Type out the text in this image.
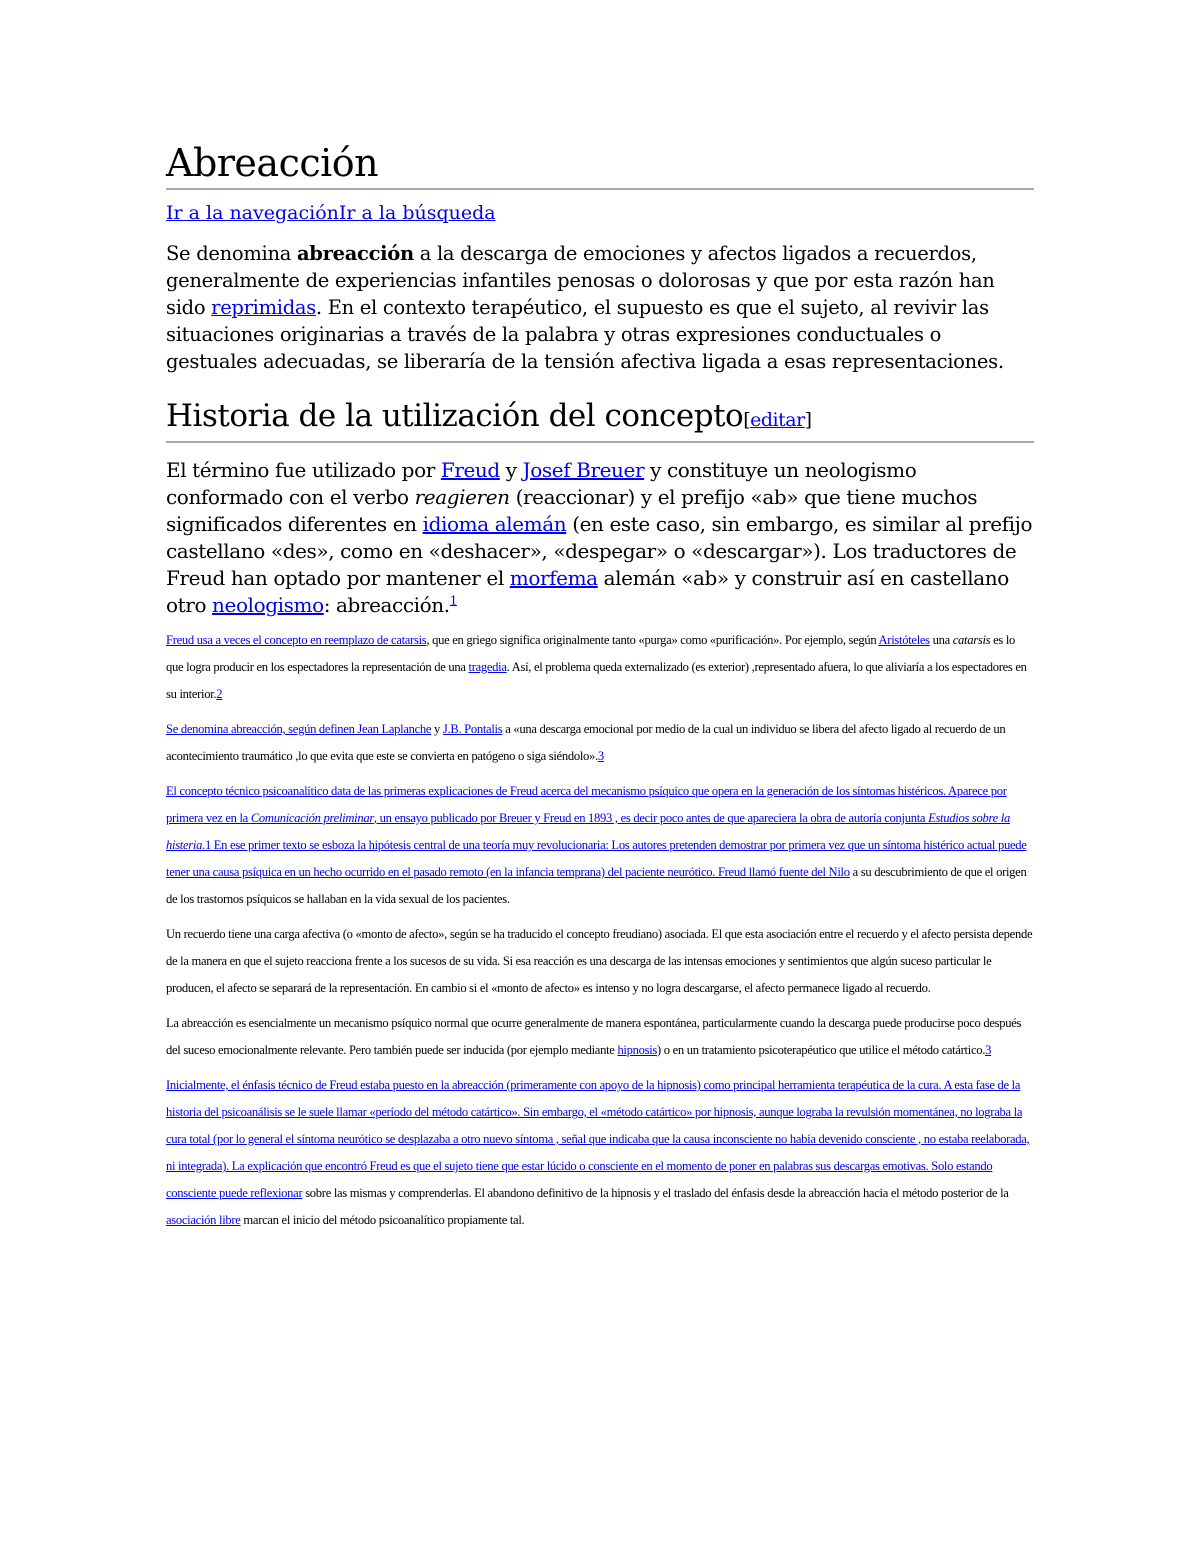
Abreacción
Ir a la navegaciónIr a la búsqueda

Se denomina abreacción a la descarga de emociones y afectos ligados a recuerdos, generalmente de experiencias infantiles penosas o dolorosas y que por esta razón han sido reprimidas. En el contexto terapéutico, el supuesto es que el sujeto, al revivir las situaciones originarias a través de la palabra y otras expresiones conductuales o gestuales adecuadas, se liberaría de la tensión afectiva ligada a esas representaciones.

Historia de la utilización del concepto[editar]

El término fue utilizado por Freud y Josef Breuer y constituye un neologismo conformado con el verbo reagieren (reaccionar) y el prefijo «ab» que tiene muchos significados diferentes en idioma alemán (en este caso, sin embargo, es similar al prefijo castellano «des», como en «deshacer», «despegar» o «descargar»). Los traductores de Freud han optado por mantener el morfema alemán «ab» y construir así en castellano otro neologismo: abreacción.$^1$

Freud usa a veces el concepto en reemplazo de catarsis, que en griego significa originalmente tanto «purga» como «purificación». Por ejemplo, según Aristóteles una catarsis es lo que logra producir en los espectadores la representación de una tragedia. Así, el problema queda externalizado (es exterior) ,representado afuera, lo que aliviaría a los espectadores en su interior.2

Se denomina abreacción, según definen Jean Laplanche y J.B. Pontalis a «una descarga emocional por medio de la cual un individuo se libera del afecto ligado al recuerdo de un acontecimiento traumático ,lo que evita que este se convierta en patógeno o siga siéndolo».3

El concepto técnico psicoanalítico data de las primeras explicaciones de Freud acerca del mecanismo psíquico que opera en la generación de los síntomas histéricos. Aparece por primera vez en la Comunicación preliminar, un ensayo publicado por Breuer y Freud en 1893 , es decir poco antes de que apareciera la obra de autoría conjunta Estudios sobre la histeria.1 En ese primer texto se esboza la hipótesis central de una teoría muy revolucionaria: Los autores pretenden demostrar por primera vez que un síntoma histérico actual puede tener una causa psíquica en un hecho ocurrido en el pasado remoto (en la infancia temprana) del paciente neurótico. Freud llamó fuente del Nilo a su descubrimiento de que el origen de los trastornos psíquicos se hallaban en la vida sexual de los pacientes.

Un recuerdo tiene una carga afectiva (o «monto de afecto», según se ha traducido el concepto freudiano) asociada. El que esta asociación entre el recuerdo y el afecto persista depende de la manera en que el sujeto reacciona frente a los sucesos de su vida. Si esa reacción es una descarga de las intensas emociones y sentimientos que algún suceso particular le producen, el afecto se separará de la representación. En cambio si el «monto de afecto» es intenso y no logra descargarse, el afecto permanece ligado al recuerdo.

La abreacción es esencialmente un mecanismo psíquico normal que ocurre generalmente de manera espontánea, particularmente cuando la descarga puede producirse poco después del suceso emocionalmente relevante. Pero también puede ser inducida (por ejemplo mediante hipnosis) o en un tratamiento psicoterapéutico que utilice el método catártico.3

Inicialmente, el énfasis técnico de Freud estaba puesto en la abreacción (primeramente con apoyo de la hipnosis) como principal herramienta terapéutica de la cura. A esta fase de la historia del psicoanálisis se le suele llamar «período del método catártico». Sin embargo, el «método catártico» por hipnosis, aunque lograba la revulsión momentánea, no lograba la cura total (por lo general el síntoma neurótico se desplazaba a otro nuevo síntoma , señal que indicaba que la causa inconsciente no había devenido consciente , no estaba reelaborada, ni integrada). La explicación que encontró Freud es que el sujeto tiene que estar lúcido o consciente en el momento de poner en palabras sus descargas emotivas. Solo estando consciente puede reflexionar sobre las mismas y comprenderlas. El abandono definitivo de la hipnosis y el traslado del énfasis desde la abreacción hacia el método posterior de la asociación libre marcan el inicio del método psicoanalítico propiamente tal.
